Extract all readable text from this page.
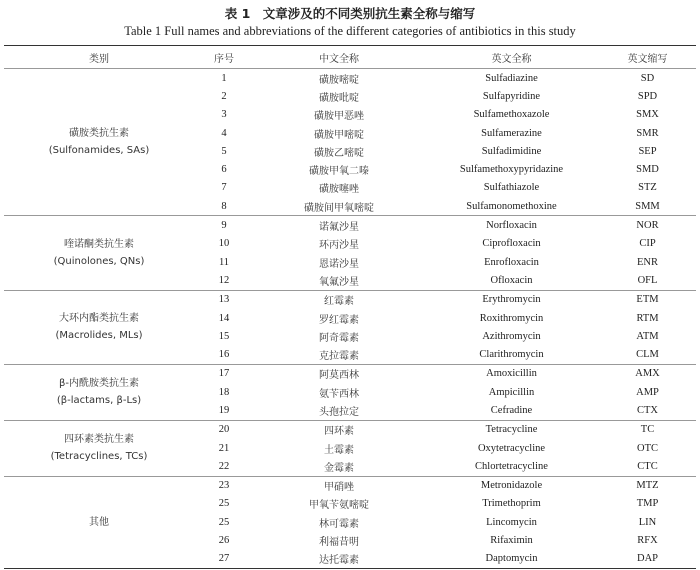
表 1　文章涉及的不同类别抗生素全称与缩写
Table 1 Full names and abbreviations of the different categories of antibiotics in this study
类别	序号	中文全称	英文全称	英文缩写

磺胺类抗生素
(Sulfonamides, SAs)	1	磺胺嘧啶	Sulfadiazine	SD
	2	磺胺吡啶	Sulfapyridine	SPD
	3	磺胺甲恶唑	Sulfamethoxazole	SMX
	4	磺胺甲嘧啶	Sulfamerazine	SMR
	5	磺胺乙嘧啶	Sulfadimidine	SEP
	6	磺胺甲氧二嗪	Sulfamethoxypyridazine	SMD
	7	磺胺噻唑	Sulfathiazole	STZ
	8	磺胺间甲氧嘧啶	Sulfamonomethoxine	SMM

喹诺酮类抗生素
(Quinolones, QNs)	9	诺氟沙星	Norfloxacin	NOR
	10	环丙沙星	Ciprofloxacin	CIP
	11	恩诺沙星	Enrofloxacin	ENR
	12	氧氟沙星	Ofloxacin	OFL

大环内酯类抗生素
(Macrolides, MLs)	13	红霉素	Erythromycin	ETM
	14	罗红霉素	Roxithromycin	RTM
	15	阿奇霉素	Azithromycin	ATM
	16	克拉霉素	Clarithromycin	CLM

β-内酰胺类抗生素
(β-lactams, β-Ls)	17	阿莫西林	Amoxicillin	AMX
	18	氨苄西林	Ampicillin	AMP
	19	头孢拉定	Cefradine	CTX

四环素类抗生素
(Tetracyclines, TCs)	20	四环素	Tetracycline	TC
	21	土霉素	Oxytetracycline	OTC
	22	金霉素	Chlortetracycline	CTC

其他	23	甲硝唑	Metronidazole	MTZ
	25	甲氧苄氨嘧啶	Trimethoprim	TMP
	25	林可霉素	Lincomycin	LIN
	26	利福昔明	Rifaximin	RFX
	27	达托霉素	Daptomycin	DAP
